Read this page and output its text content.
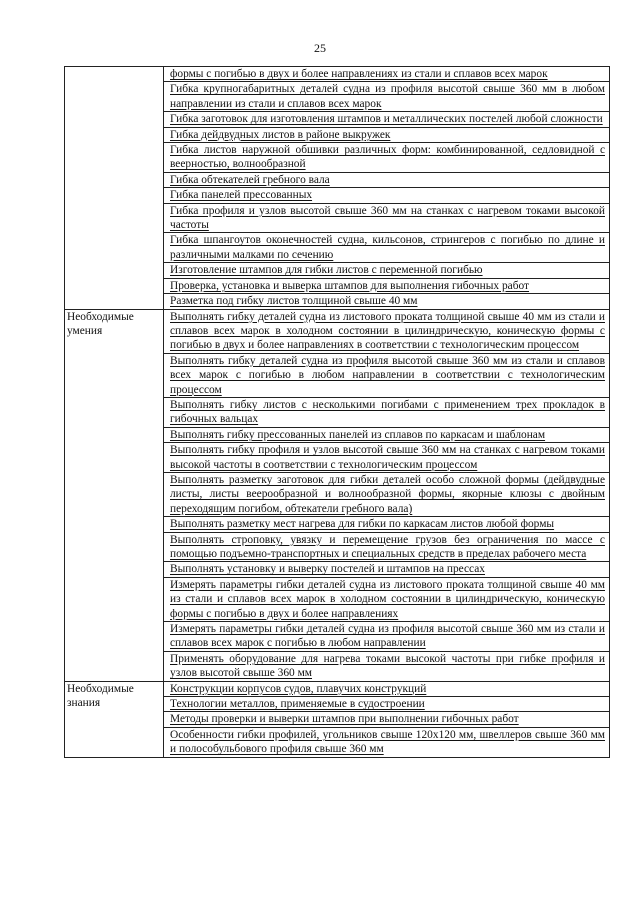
25
	формы с погибью в двух и более направлениях из стали и сплавов всех марок
	Гибка крупногабаритных деталей судна из профиля высотой свыше 360 мм в любом направлении из стали и сплавов всех марок
	Гибка заготовок для изготовления штампов и металлических постелей любой сложности
	Гибка дейдвудных листов в районе выкружек
	Гибка листов наружной обшивки различных форм: комбинированной, седловидной с веерностью, волнообразной
	Гибка обтекателей гребного вала
	Гибка панелей прессованных
	Гибка профиля и узлов высотой свыше 360 мм на станках с нагревом токами высокой частоты
	Гибка шпангоутов оконечностей судна, кильсонов, стрингеров с погибью по длине и различными малками по сечению
	Изготовление штампов для гибки листов с переменной погибью
	Проверка, установка и выверка штампов для выполнения гибочных работ
	Разметка под гибку листов толщиной свыше 40 мм
Необходимые умения	Выполнять гибку деталей судна из листового проката толщиной свыше 40 мм из стали и сплавов всех марок в холодном состоянии в цилиндрическую, коническую формы с погибью в двух и более направлениях в соответствии с технологическим процессом
	Выполнять гибку деталей судна из профиля высотой свыше 360 мм из стали и сплавов всех марок с погибью в любом направлении в соответствии с технологическим процессом
	Выполнять гибку листов с несколькими погибами с применением трех прокладок в гибочных вальцах
	Выполнять гибку прессованных панелей из сплавов по каркасам и шаблонам
	Выполнять гибку профиля и узлов высотой свыше 360 мм на станках с нагревом токами высокой частоты в соответствии с технологическим процессом
	Выполнять разметку заготовок для гибки деталей особо сложной формы (дейдвудные листы, листы веерообразной и волнообразной формы, якорные клюзы с двойным переходящим погибом, обтекатели гребного вала)
	Выполнять разметку мест нагрева для гибки по каркасам листов любой формы
	Выполнять строповку, увязку и перемещение грузов без ограничения по массе с помощью подъемно-транспортных и специальных средств в пределах рабочего места
	Выполнять установку и выверку постелей и штампов на прессах
	Измерять параметры гибки деталей судна из листового проката толщиной свыше 40 мм из стали и сплавов всех марок в холодном состоянии в цилиндрическую, коническую формы с погибью в двух и более направлениях
	Измерять параметры гибки деталей судна из профиля высотой свыше 360 мм из стали и сплавов всех марок с погибью в любом направлении
	Применять оборудование для нагрева токами высокой частоты при гибке профиля и узлов высотой свыше 360 мм
Необходимые знания	Конструкции корпусов судов, плавучих конструкций
	Технологии металлов, применяемые в судостроении
	Методы проверки и выверки штампов при выполнении гибочных работ
	Особенности гибки профилей, угольников свыше 120х120 мм, швеллеров свыше 360 мм и полособульбового профиля свыше 360 мм
